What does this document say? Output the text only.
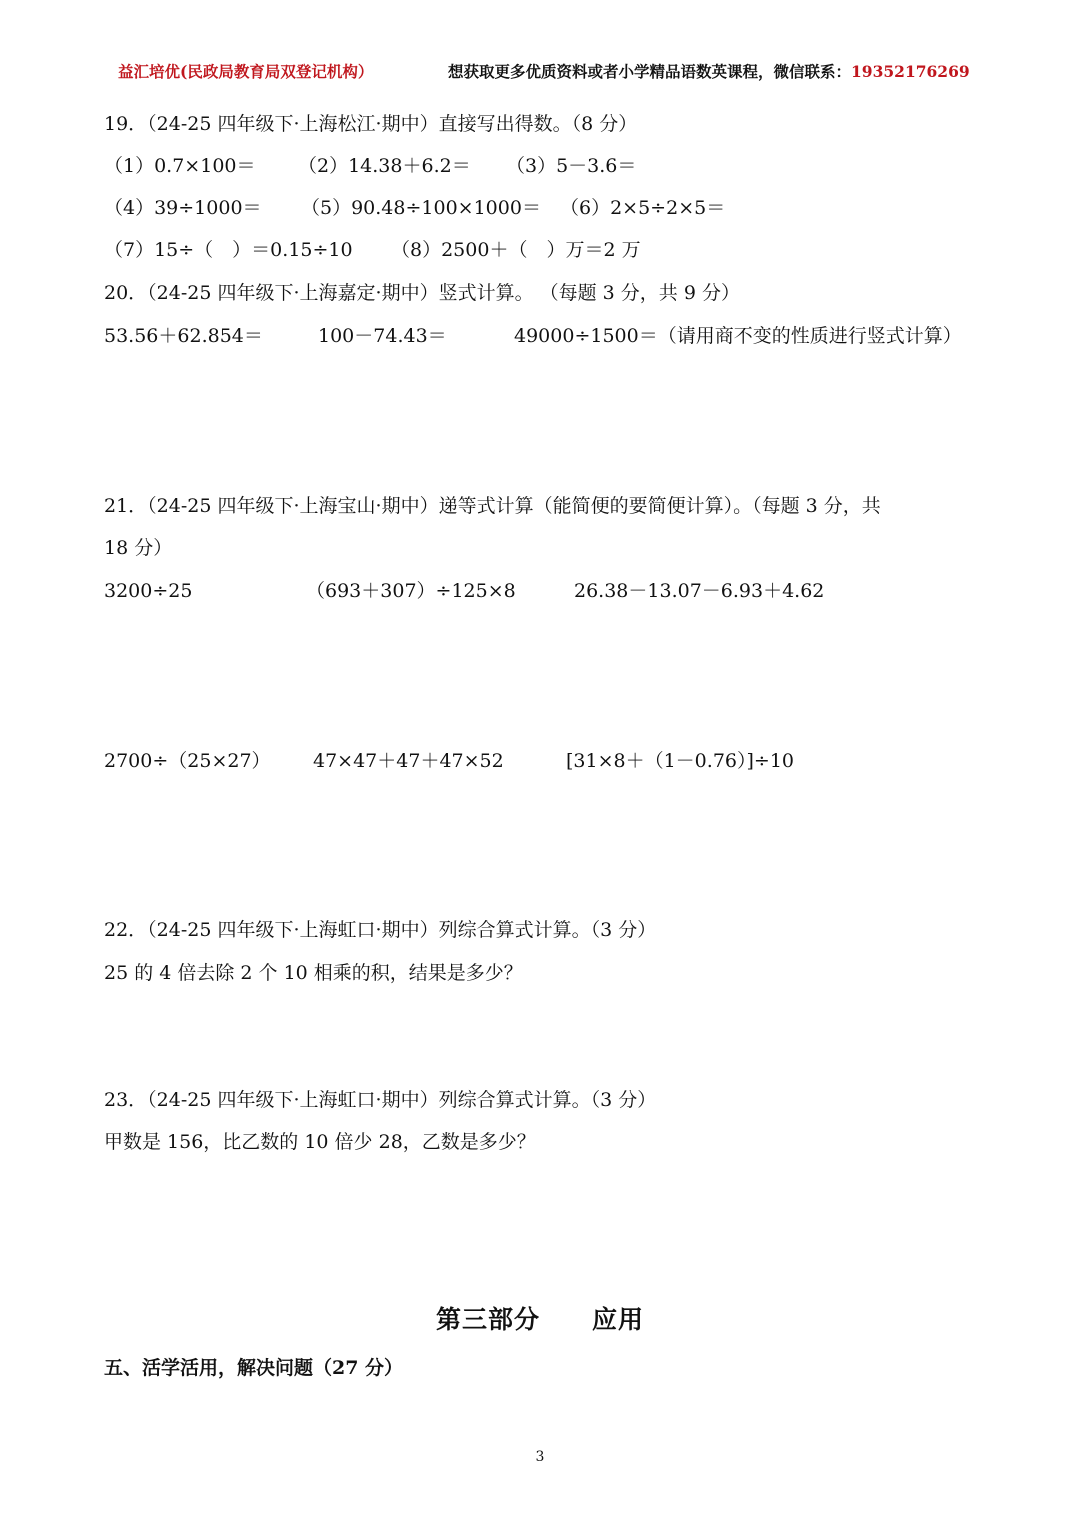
益汇培优(民政局教育局双登记机构）	想获取更多优质资料或者小学精品语数英课程，微信联系：19352176269
19．（24-25 四年级下·上海松江·期中）直接写出得数。（8 分）
（1）0.7×100＝ （2）14.38＋6.2＝ （3）5－3.6＝
（4）39÷1000＝ （5）90.48÷100×1000＝ （6）2×5÷2×5＝
（7）15÷（　）＝0.15÷10 （8）2500＋（　）万＝2 万
20．（24-25 四年级下·上海嘉定·期中）竖式计算。 （每题 3 分，共 9 分）
53.56＋62.854＝	100－74.43＝	49000÷1500＝（请用商不变的性质进行竖式计算）
21．（24-25 四年级下·上海宝山·期中）递等式计算（能简便的要简便计算）。（每题 3 分，共
18 分）
3200÷25	（693＋307）÷125×8	26.38－13.07－6.93＋4.62
2700÷（25×27） 47×47＋47＋47×52	[31×8＋（1－0.76）]÷10
22．（24-25 四年级下·上海虹口·期中）列综合算式计算。（3 分）
25 的 4 倍去除 2 个 10 相乘的积，结果是多少？
23．（24-25 四年级下·上海虹口·期中）列综合算式计算。（3 分）
甲数是 156，比乙数的 10 倍少 28，乙数是多少？
第三部分　　应用
五、活学活用，解决问题（27 分）
3
